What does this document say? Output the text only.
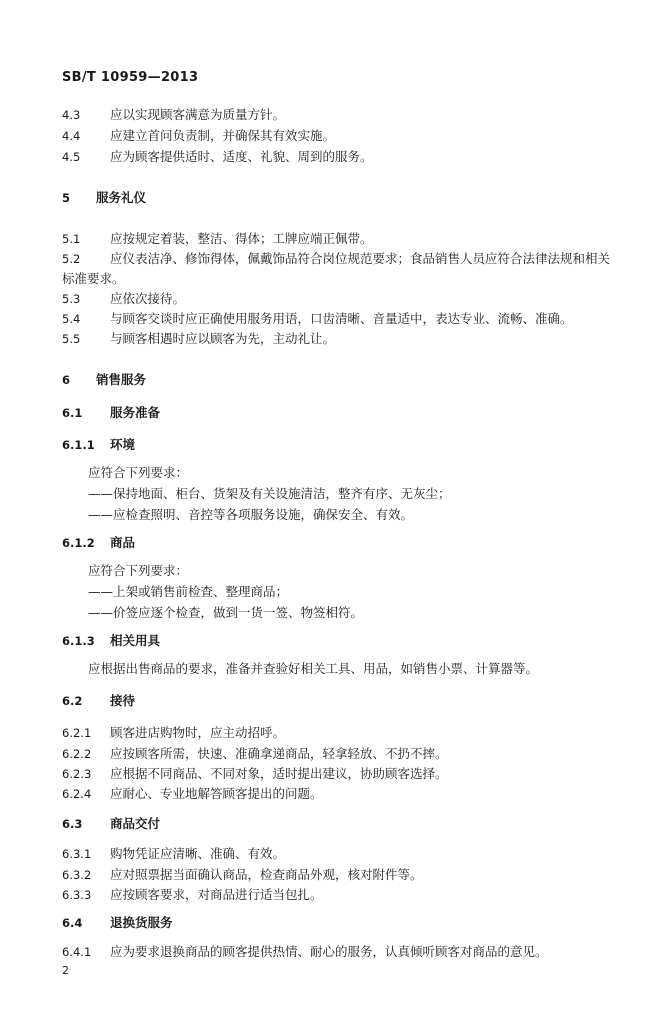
SB/T 10959—2013
4.3 应以实现顾客满意为质量方针。
4.4 应建立首问负责制，并确保其有效实施。
4.5 应为顾客提供适时、适度、礼貌、周到的服务。
5 服务礼仪
5.1 应按规定着装，整洁、得体；工牌应端正佩带。
5.2 应仪表洁净、修饰得体，佩戴饰品符合岗位规范要求；食品销售人员应符合法律法规和相关标准要求。
5.3 应依次接待。
5.4 与顾客交谈时应正确使用服务用语，口齿清晰、音量适中，表达专业、流畅、准确。
5.5 与顾客相遇时应以顾客为先，主动礼让。
6 销售服务
6.1 服务准备
6.1.1 环境
应符合下列要求：
——保持地面、柜台、货架及有关设施清洁，整齐有序、无灰尘；
——应检查照明、音控等各项服务设施，确保安全、有效。
6.1.2 商品
应符合下列要求：
——上架或销售前检查、整理商品；
——价签应逐个检查，做到一货一签、物签相符。
6.1.3 相关用具
应根据出售商品的要求，准备并查验好相关工具、用品，如销售小票、计算器等。
6.2 接待
6.2.1 顾客进店购物时，应主动招呼。
6.2.2 应按顾客所需，快速、准确拿递商品，轻拿轻放、不扔不摔。
6.2.3 应根据不同商品、不同对象，适时提出建议，协助顾客选择。
6.2.4 应耐心、专业地解答顾客提出的问题。
6.3 商品交付
6.3.1 购物凭证应清晰、准确、有效。
6.3.2 应对照票据当面确认商品，检查商品外观，核对附件等。
6.3.3 应按顾客要求，对商品进行适当包扎。
6.4 退换货服务
6.4.1 应为要求退换商品的顾客提供热情、耐心的服务，认真倾听顾客对商品的意见。
2
